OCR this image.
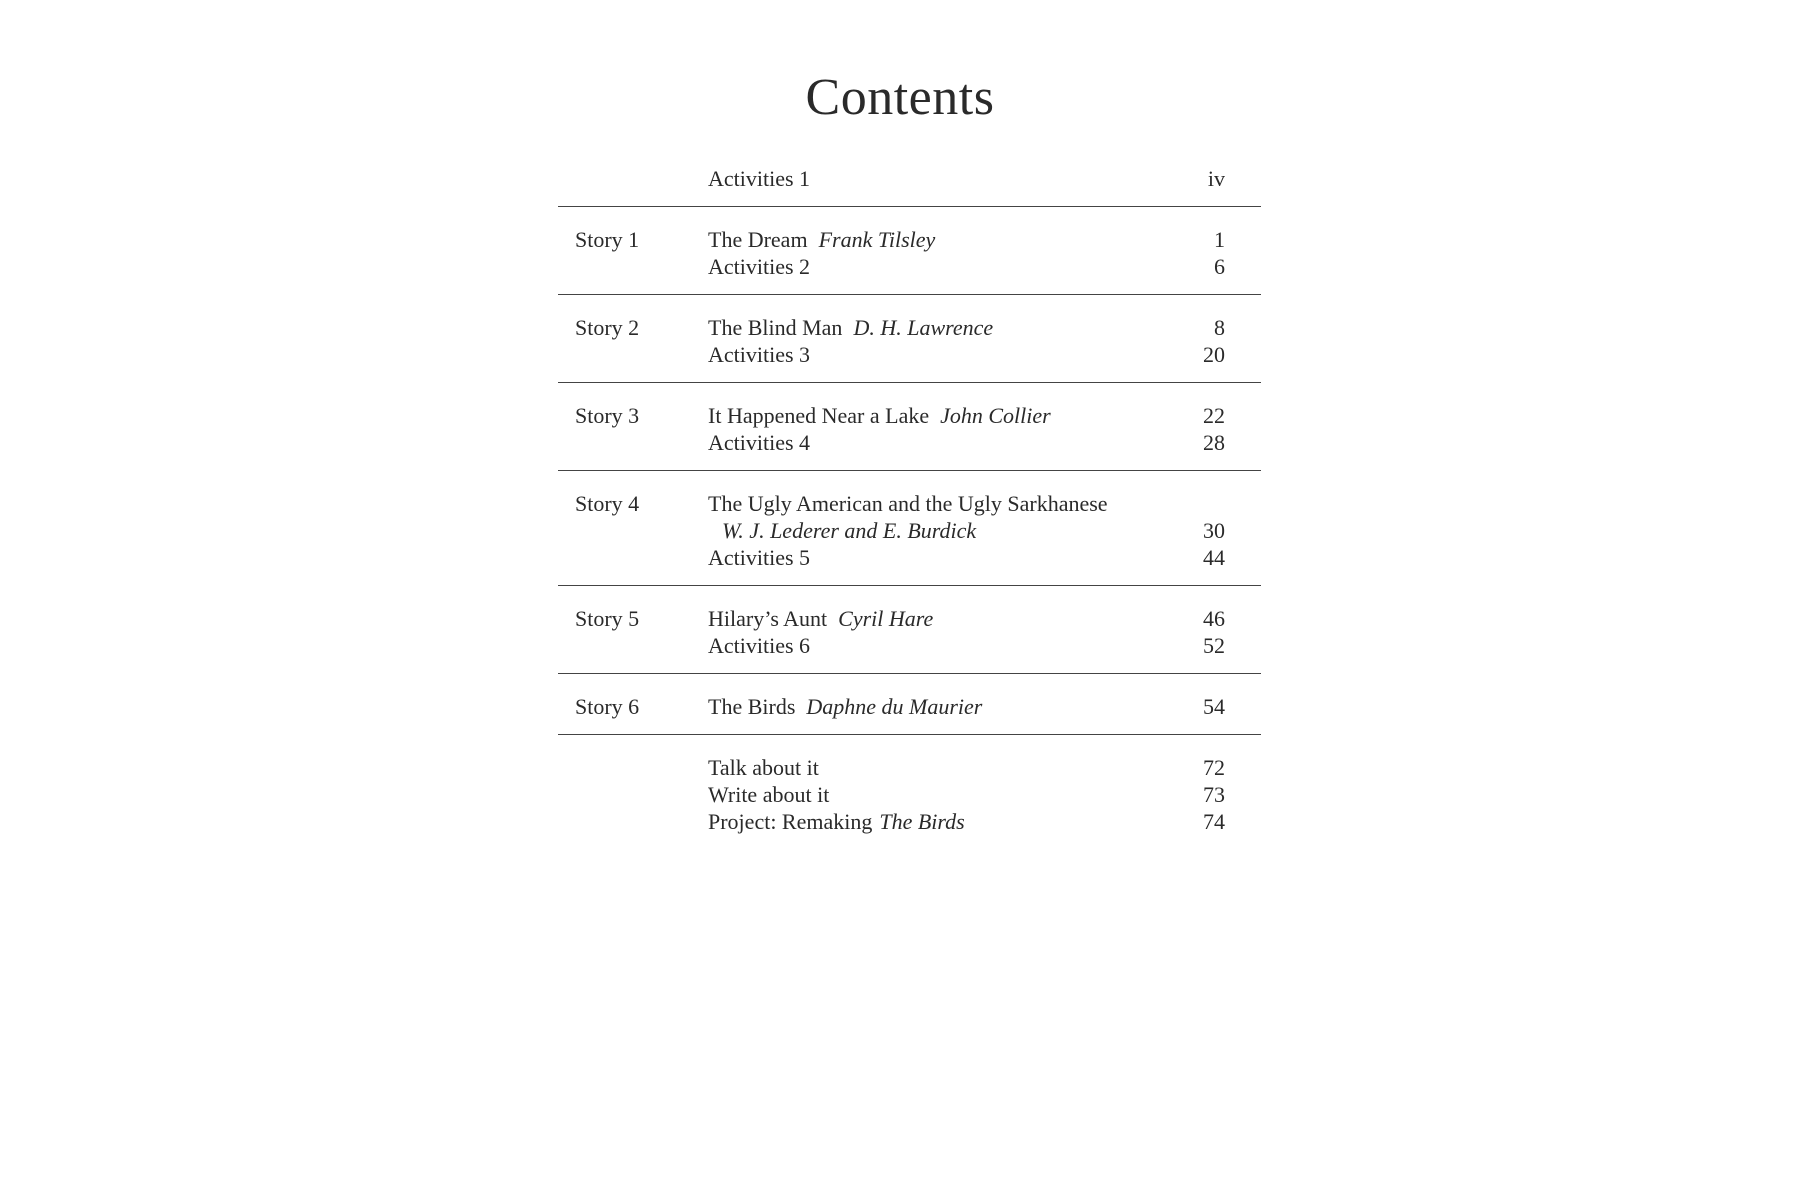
Contents
Activities 1	iv
Story 1	The Dream Frank Tilsley	1
Activities 2	6
Story 2	The Blind Man D. H. Lawrence	8
Activities 3	20
Story 3	It Happened Near a Lake John Collier	22
Activities 4	28
Story 4	The Ugly American and the Ugly Sarkhanese
W. J. Lederer and E. Burdick	30
Activities 5	44
Story 5	Hilary’s Aunt Cyril Hare	46
Activities 6	52
Story 6	The Birds Daphne du Maurier	54
Talk about it	72
Write about it	73
Project: Remaking The Birds	74
